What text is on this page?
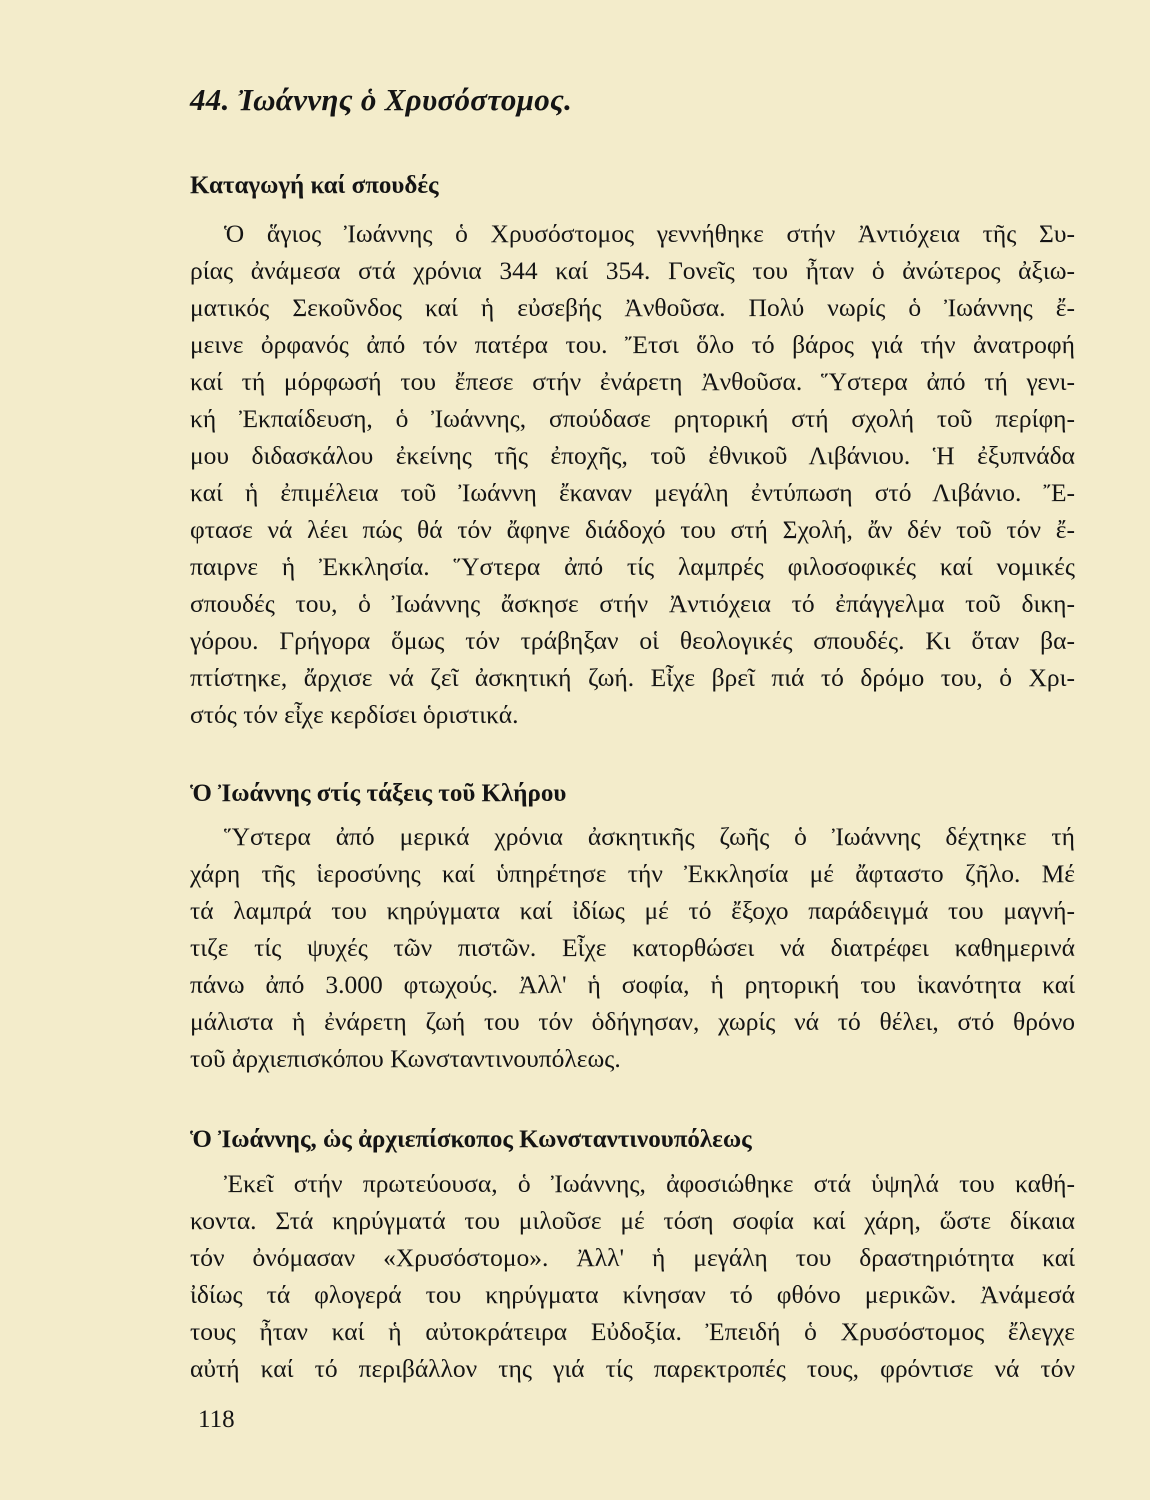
44. Ἰωάννης ὁ Χρυσόστομος.
Καταγωγή καί σπουδές
Ὁ ἅγιος Ἰωάννης ὁ Χρυσόστομος γεννήθηκε στήν Ἀντιόχεια τῆς Συ-
ρίας ἀνάμεσα στά χρόνια 344 καί 354. Γονεῖς του ἦταν ὁ ἀνώτερος ἀξιω-
ματικός Σεκοῦνδος καί ἡ εὐσεβής Ἀνθοῦσα. Πολύ νωρίς ὁ Ἰωάννης ἔ-
μεινε ὀρφανός ἀπό τόν πατέρα του. Ἔτσι ὅλο τό βάρος γιά τήν ἀνατροφή
καί τή μόρφωσή του ἔπεσε στήν ἐνάρετη Ἀνθοῦσα. Ὕστερα ἀπό τή γενι-
κή Ἐκπαίδευση, ὁ Ἰωάννης, σπούδασε ρητορική στή σχολή τοῦ περίφη-
μου διδασκάλου ἐκείνης τῆς ἐποχῆς, τοῦ ἐθνικοῦ Λιβάνιου. Ἡ ἐξυπνάδα
καί ἡ ἐπιμέλεια τοῦ Ἰωάννη ἔκαναν μεγάλη ἐντύπωση στό Λιβάνιο. Ἔ-
φτασε νά λέει πώς θά τόν ἄφηνε διάδοχό του στή Σχολή, ἄν δέν τοῦ τόν ἔ-
παιρνε ἡ Ἐκκλησία. Ὕστερα ἀπό τίς λαμπρές φιλοσοφικές καί νομικές
σπουδές του, ὁ Ἰωάννης ἄσκησε στήν Ἀντιόχεια τό ἐπάγγελμα τοῦ δικη-
γόρου. Γρήγορα ὅμως τόν τράβηξαν οἱ θεολογικές σπουδές. Κι ὅταν βα-
πτίστηκε, ἄρχισε νά ζεῖ ἀσκητική ζωή. Εἶχε βρεῖ πιά τό δρόμο του, ὁ Χρι-
στός τόν εἶχε κερδίσει ὁριστικά.
Ὁ Ἰωάννης στίς τάξεις τοῦ Κλήρου
Ὕστερα ἀπό μερικά χρόνια ἀσκητικῆς ζωῆς ὁ Ἰωάννης δέχτηκε τή
χάρη τῆς ἱεροσύνης καί ὑπηρέτησε τήν Ἐκκλησία μέ ἄφταστο ζῆλο. Μέ
τά λαμπρά του κηρύγματα καί ἰδίως μέ τό ἔξοχο παράδειγμά του μαγνή-
τιζε τίς ψυχές τῶν πιστῶν. Εἶχε κατορθώσει νά διατρέφει καθημερινά
πάνω ἀπό 3.000 φτωχούς. Ἀλλ' ἡ σοφία, ἡ ρητορική του ἱκανότητα καί
μάλιστα ἡ ἐνάρετη ζωή του τόν ὁδήγησαν, χωρίς νά τό θέλει, στό θρόνο
τοῦ ἀρχιεπισκόπου Κωνσταντινουπόλεως.
Ὁ Ἰωάννης, ὡς ἀρχιεπίσκοπος Κωνσταντινουπόλεως
Ἐκεῖ στήν πρωτεύουσα, ὁ Ἰωάννης, ἀφοσιώθηκε στά ὑψηλά του καθή-
κοντα. Στά κηρύγματά του μιλοῦσε μέ τόση σοφία καί χάρη, ὥστε δίκαια
τόν ὀνόμασαν «Χρυσόστομο». Ἀλλ' ἡ μεγάλη του δραστηριότητα καί
ἰδίως τά φλογερά του κηρύγματα κίνησαν τό φθόνο μερικῶν. Ἀνάμεσά
τους ἦταν καί ἡ αὐτοκράτειρα Εὐδοξία. Ἐπειδή ὁ Χρυσόστομος ἔλεγχε
αὐτή καί τό περιβάλλον της γιά τίς παρεκτροπές τους, φρόντισε νά τόν
118
